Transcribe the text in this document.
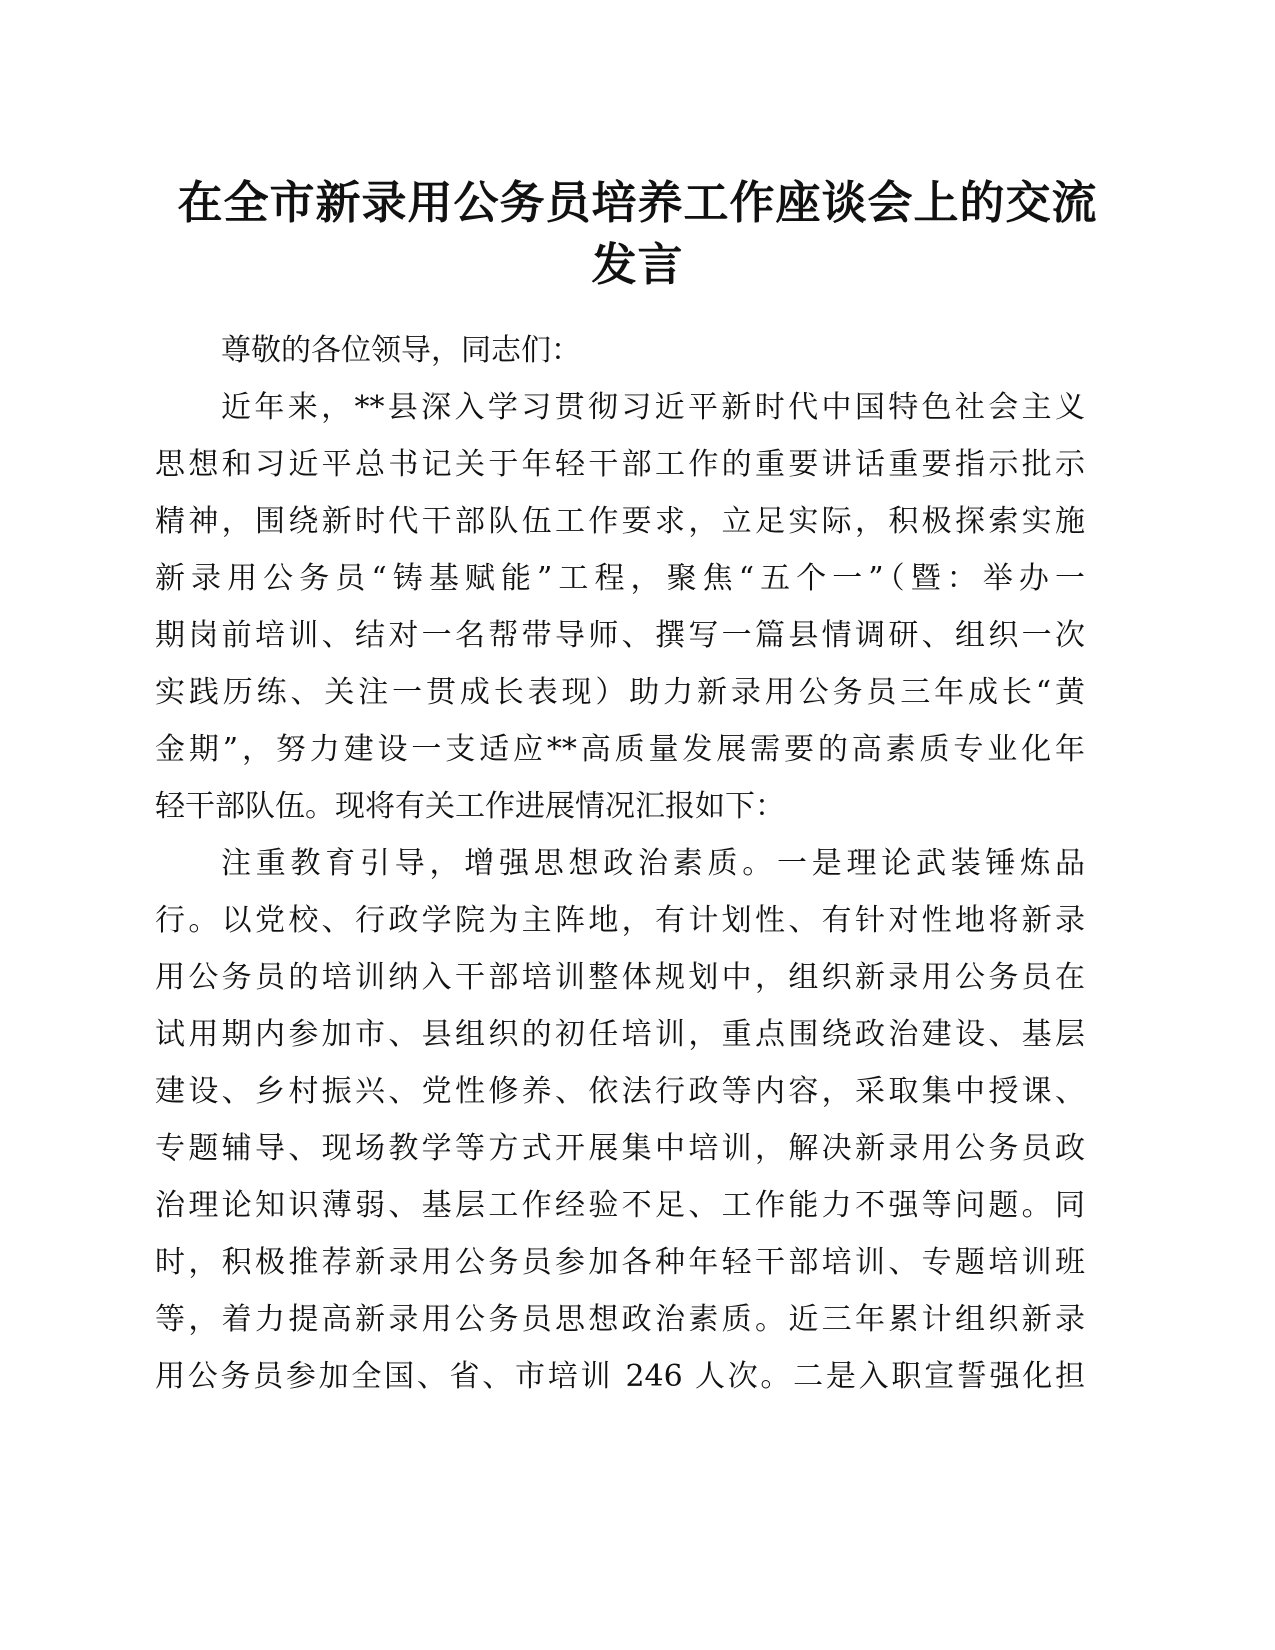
在全市新录用公务员培养工作座谈会上的交流
发言
尊敬的各位领导，同志们：
近年来，**县深入学习贯彻习近平新时代中国特色社会主义
思想和习近平总书记关于年轻干部工作的重要讲话重要指示批示
精神，围绕新时代干部队伍工作要求，立足实际，积极探索实施
新录用公务员“铸基赋能”工程，聚焦“五个一”（暨：举办一
期岗前培训、结对一名帮带导师、撰写一篇县情调研、组织一次
实践历练、关注一贯成长表现）助力新录用公务员三年成长“黄
金期”，努力建设一支适应**高质量发展需要的高素质专业化年
轻干部队伍。现将有关工作进展情况汇报如下：
注重教育引导，增强思想政治素质。一是理论武装锤炼品
行。以党校、行政学院为主阵地，有计划性、有针对性地将新录
用公务员的培训纳入干部培训整体规划中，组织新录用公务员在
试用期内参加市、县组织的初任培训，重点围绕政治建设、基层
建设、乡村振兴、党性修养、依法行政等内容，采取集中授课、
专题辅导、现场教学等方式开展集中培训，解决新录用公务员政
治理论知识薄弱、基层工作经验不足、工作能力不强等问题。同
时，积极推荐新录用公务员参加各种年轻干部培训、专题培训班
等，着力提高新录用公务员思想政治素质。近三年累计组织新录
用公务员参加全国、省、市培训 246 人次。二是入职宣誓强化担
